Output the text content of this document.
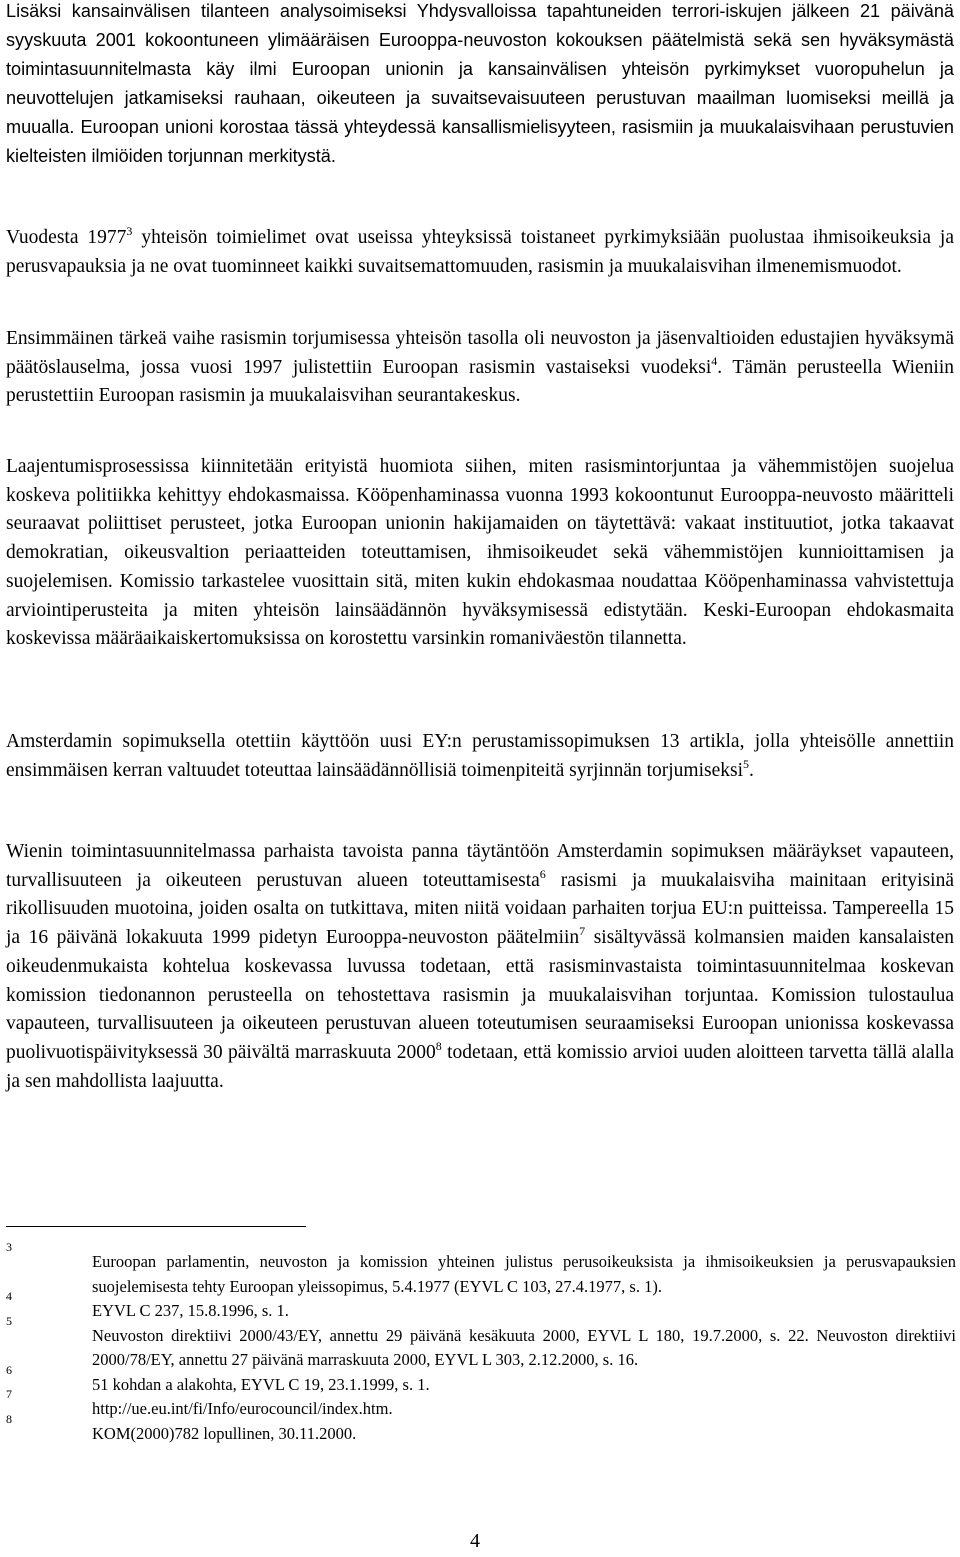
Lisäksi kansainvälisen tilanteen analysoimiseksi Yhdysvalloissa tapahtuneiden terrori-iskujen jälkeen 21 päivänä syyskuuta 2001 kokoontuneen ylimääräisen Eurooppa-neuvoston kokouksen päätelmistä sekä sen hyväksymästä toimintasuunnitelmasta käy ilmi Euroopan unionin ja kansainvälisen yhteisön pyrkimykset vuoropuhelun ja neuvottelujen jatkamiseksi rauhaan, oikeuteen ja suvaitsevaisuuteen perustuvan maailman luomiseksi meillä ja muualla. Euroopan unioni korostaa tässä yhteydessä kansallismielisyyteen, rasismiin ja muukalaisvihaan perustuvien kielteisten ilmiöiden torjunnan merkitystä.

Vuodesta 1977$^3$ yhteisön toimielimet ovat useissa yhteyksissä toistaneet pyrkimyksiään puolustaa ihmisoikeuksia ja perusvapauksia ja ne ovat tuominneet kaikki suvaitsemattomuuden, rasismin ja muukalaisvihan ilmenemismuodot.

Ensimmäinen tärkeä vaihe rasismin torjumisessa yhteisön tasolla oli neuvoston ja jäsenvaltioiden edustajien hyväksymä päätöslauselma, jossa vuosi 1997 julistettiin Euroopan rasismin vastaiseksi vuodeksi$^4$. Tämän perusteella Wieniin perustettiin Euroopan rasismin ja muukalaisvihan seurantakeskus.

Laajentumisprosessissa kiinnitetään erityistä huomiota siihen, miten rasismintorjuntaa ja vähemmistöjen suojelua koskeva politiikka kehittyy ehdokasmaissa. Kööpenhaminassa vuonna 1993 kokoontunut Eurooppa-neuvosto määritteli seuraavat poliittiset perusteet, jotka Euroopan unionin hakijamaiden on täytettävä: vakaat instituutiot, jotka takaavat demokratian, oikeusvaltion periaatteiden toteuttamisen, ihmisoikeudet sekä vähemmistöjen kunnioittamisen ja suojelemisen. Komissio tarkastelee vuosittain sitä, miten kukin ehdokasmaa noudattaa Kööpenhaminassa vahvistettuja arviointiperusteita ja miten yhteisön lainsäädännön hyväksymisessä edistytään. Keski-Euroopan ehdokasmaita koskevissa määräaikaiskertomuksissa on korostettu varsinkin romaniväestön tilannetta.

Amsterdamin sopimuksella otettiin käyttöön uusi EY:n perustamissopimuksen 13 artikla, jolla yhteisölle annettiin ensimmäisen kerran valtuudet toteuttaa lainsäädännöllisiä toimenpiteitä syrjinnän torjumiseksi$^5$.

Wienin toimintasuunnitelmassa parhaista tavoista panna täytäntöön Amsterdamin sopimuksen määräykset vapauteen, turvallisuuteen ja oikeuteen perustuvan alueen toteuttamisesta$^6$ rasismi ja muukalaisviha mainitaan erityisinä rikollisuuden muotoina, joiden osalta on tutkittava, miten niitä voidaan parhaiten torjua EU:n puitteissa. Tampereella 15 ja 16 päivänä lokakuuta 1999 pidetyn Eurooppa-neuvoston päätelmiin$^7$ sisältyvässä kolmansien maiden kansalaisten oikeudenmukaista kohtelua koskevassa luvussa todetaan, että rasisminvastaista toimintasuunnitelmaa koskevan komission tiedonannon perusteella on tehostettava rasismin ja muukalaisvihan torjuntaa. Komission tulostaulua vapauteen, turvallisuuteen ja oikeuteen perustuvan alueen toteutumisen seuraamiseksi Euroopan unionissa koskevassa puolivuotispäivityksessä 30 päivältä marraskuuta 2000$^8$ todetaan, että komissio arvioi uuden aloitteen tarvetta tällä alalla ja sen mahdollista laajuutta.

3
Euroopan parlamentin, neuvoston ja komission yhteinen julistus perusoikeuksista ja ihmisoikeuksien ja perusvapauksien suojelemisesta tehty Euroopan yleissopimus, 5.4.1977 (EYVL C 103, 27.4.1977, s. 1).
4
EYVL C 237, 15.8.1996, s. 1.
5
Neuvoston direktiivi 2000/43/EY, annettu 29 päivänä kesäkuuta 2000, EYVL L 180, 19.7.2000, s. 22. Neuvoston direktiivi 2000/78/EY, annettu 27 päivänä marraskuuta 2000, EYVL L 303, 2.12.2000, s. 16.
6
51 kohdan a alakohta, EYVL C 19, 23.1.1999, s. 1.
7
http://ue.eu.int/fi/Info/eurocouncil/index.htm.
8
KOM(2000)782 lopullinen, 30.11.2000.
4
